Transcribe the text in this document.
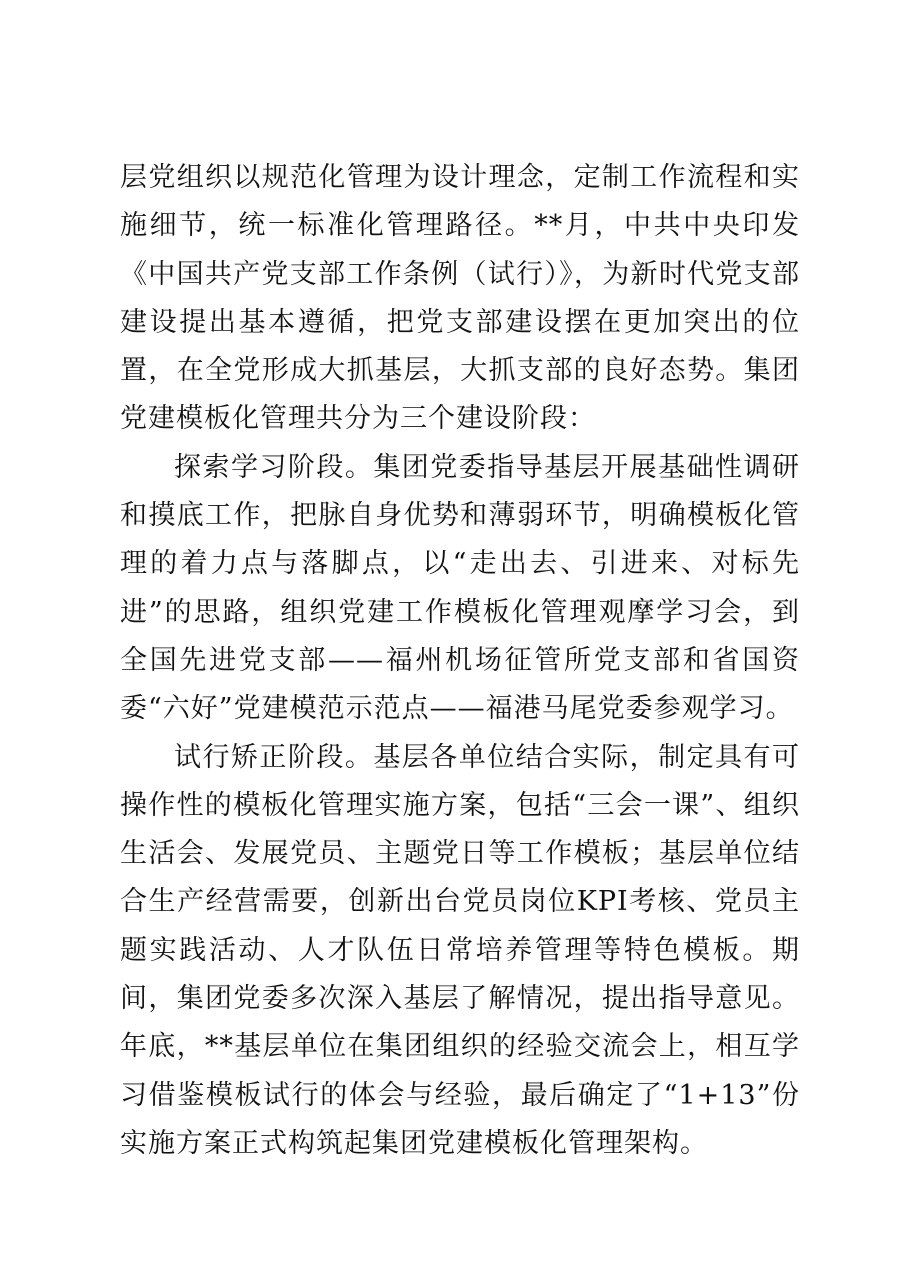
层党组织以规范化管理为设计理念，定制工作流程和实施细节，统一标准化管理路径。**月，中共中央印发《中国共产党支部工作条例（试行）》，为新时代党支部建设提出基本遵循，把党支部建设摆在更加突出的位置，在全党形成大抓基层，大抓支部的良好态势。集团党建模板化管理共分为三个建设阶段：

探索学习阶段。集团党委指导基层开展基础性调研和摸底工作，把脉自身优势和薄弱环节，明确模板化管理的着力点与落脚点，以“走出去、引进来、对标先进”的思路，组织党建工作模板化管理观摩学习会，到全国先进党支部——福州机场征管所党支部和省国资委“六好”党建模范示范点——福港马尾党委参观学习。

试行矫正阶段。基层各单位结合实际，制定具有可操作性的模板化管理实施方案，包括“三会一课”、组织生活会、发展党员、主题党日等工作模板；基层单位结合生产经营需要，创新出台党员岗位KPI考核、党员主题实践活动、人才队伍日常培养管理等特色模板。期间，集团党委多次深入基层了解情况，提出指导意见。年底，**基层单位在集团组织的经验交流会上，相互学习借鉴模板试行的体会与经验，最后确定了“1+13”份实施方案正式构筑起集团党建模板化管理架构。
